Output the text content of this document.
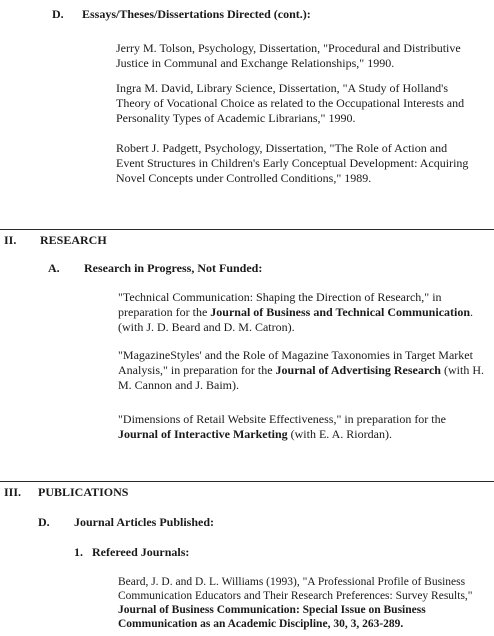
D. Essays/Theses/Dissertations Directed (cont.):
Jerry M. Tolson, Psychology, Dissertation, "Procedural and Distributive Justice in Communal and Exchange Relationships," 1990.
Ingra M. David, Library Science, Dissertation, "A Study of Holland's Theory of Vocational Choice as related to the Occupational Interests and Personality Types of Academic Librarians," 1990.
Robert J. Padgett, Psychology, Dissertation, "The Role of Action and Event Structures in Children's Early Conceptual Development: Acquiring Novel Concepts under Controlled Conditions," 1989.
II. RESEARCH
A. Research in Progress, Not Funded:
"Technical Communication: Shaping the Direction of Research," in preparation for the Journal of Business and Technical Communication. (with J. D. Beard and D. M. Catron).
"MagazineStyles' and the Role of Magazine Taxonomies in Target Market Analysis," in preparation for the Journal of Advertising Research (with H. M. Cannon and J. Baim).
"Dimensions of Retail Website Effectiveness," in preparation for the Journal of Interactive Marketing (with E. A. Riordan).
III. PUBLICATIONS
D. Journal Articles Published:
1. Refereed Journals:
Beard, J. D. and D. L. Williams (1993), "A Professional Profile of Business Communication Educators and Their Research Preferences: Survey Results," Journal of Business Communication: Special Issue on Business Communication as an Academic Discipline, 30, 3, 263-289.
